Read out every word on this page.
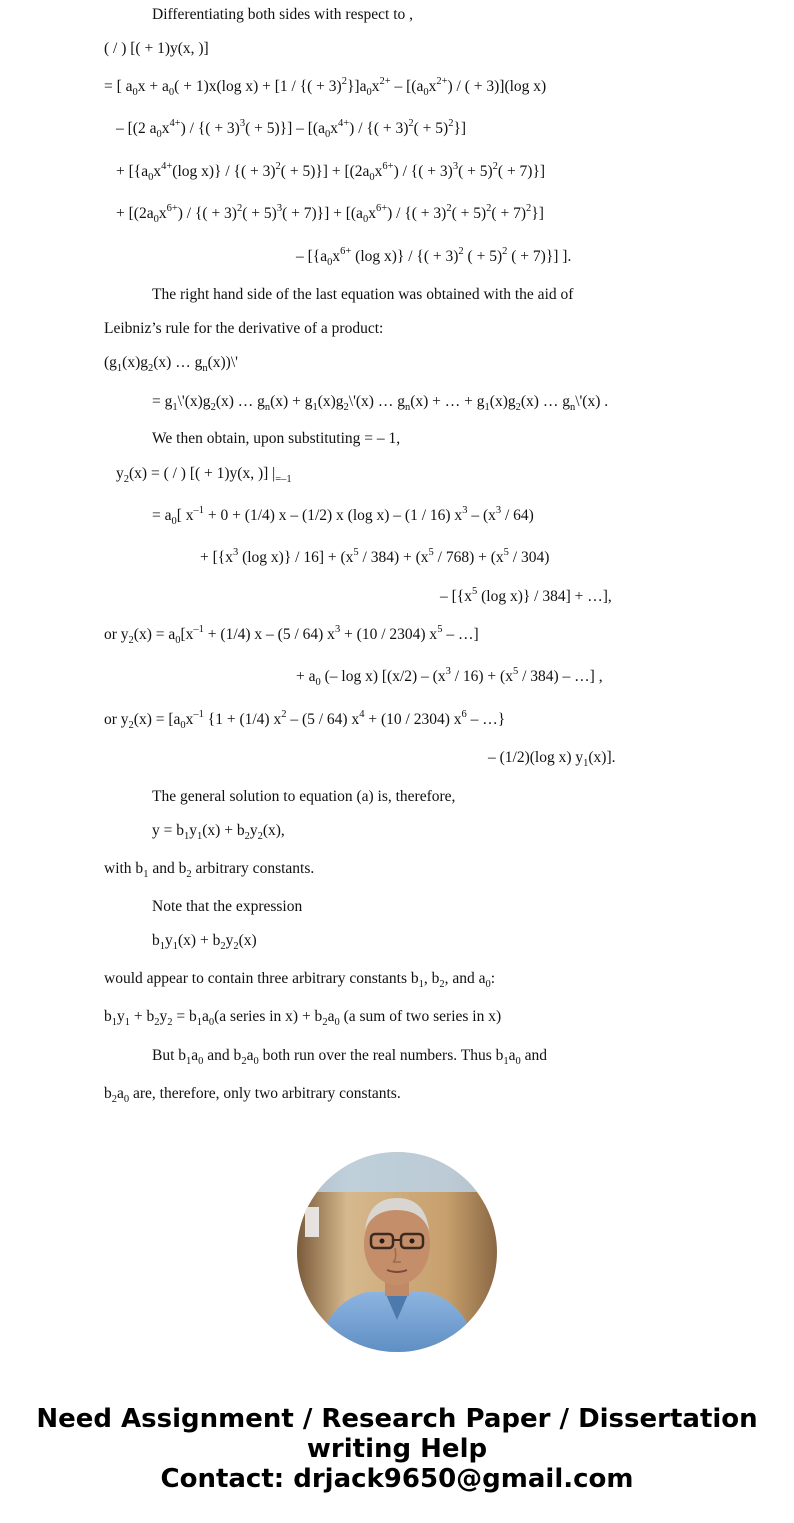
Differentiating both sides with respect to ,
( / ) [( + 1)y(x, )]
= [ $a_0x + a_0( + 1)x(\log$ x) + [1 / {( + $3)^2\}]a_0x^{2+} - [(a_0x^{2+})$ / ( + 3)](log x)
– [(2 $a_0x^{4+}$) / {( + $3)^3( + 5)\}] - [(a_0x^{4+})$ / {( + $3)^2( + 5)^2$}]
+ [{$a_0x^{4+}(\log$ x)} / {( + $3)^2( + 5)\}] + [(2a_0x^{6+})$ / {( + $3)^3( + 5)^2( + 7)$}]
+ [$(2a_0x^{6+})$ / {( + $3)^2( + 5)^3( + 7)\}] + [(a_0x^{6+})$ / {( + $3)^2( + 5)^2( + 7)^2$}]
– [{$a_0x^{6+}$ (log x)} / {( + 3)$^2$ ( + 5)$^2$ ( + 7)}] ].
The right hand side of the last equation was obtained with the aid of
Leibniz’s rule for the derivative of a product:
($g_1(x)g_2(x)$ … $g_n(x))\backslash'$
= $g_1\backslash'(x)g_2(x)$ … $g_n(x)$ + $g_1(x)g_2\backslash'(x)$ … $g_n(x)$ + … + $g_1(x)g_2(x)$ … $g_n\backslash'(x)$ .
We then obtain, upon substituting = – 1,
$y_2(x)$ = ( / ) [( + 1)y(x, )] $|_{=-1}$
= $a_0$[ $x^{-1} + 0 + (1/4)$ x – (1/2) x (log x) – (1 / 16) $x^3 - (x^3 / 64)$
+ [{$x^3$ (log $x)\} / 16] + (x^5 / 384) + (x^5 / 768) + (x^5 / 304)$
– [{$x^5$ (log x)} / 384] + …],
or $y_2(x) = a_0[x^{-1} + (1/4)$ x – (5 / 64) $x^3 + (10 / 2304)$ $x^5$ – …]
+ $a_0$ (– log x) [$(x/2) - (x^3 / 16) + (x^5 / 384)$ – …] ,
or $y_2(x) = [a_0x^{-1}$ {1 + (1/4) $x^2 - (5 / 64) x^4 + (10 / 2304)$ $x^6$ – …}
– (1/2)(log x) $y_1(x)$].
The general solution to equation (a) is, therefore,
$y = b_1y_1(x) + b_2y_2(x)$,
with $b_1$ and $b_2$ arbitrary constants.
Note that the expression
$b_1y_1(x) + b_2y_2(x)$
would appear to contain three arbitrary constants $b_1$, $b_2$, and $a_0$:
$b_1y_1 + b_2y_2 = b_1a_0(a$ series in $x) + b_2a_0$ (a sum of two series in x)
But $b_1a_0$ and $b_2a_0$ both run over the real numbers. Thus $b_1a_0$ and
$b_2a_0$ are, therefore, only two arbitrary constants.
Need Assignment / Research Paper / Dissertation
writing Help
Contact: drjack9650@gmail.com
